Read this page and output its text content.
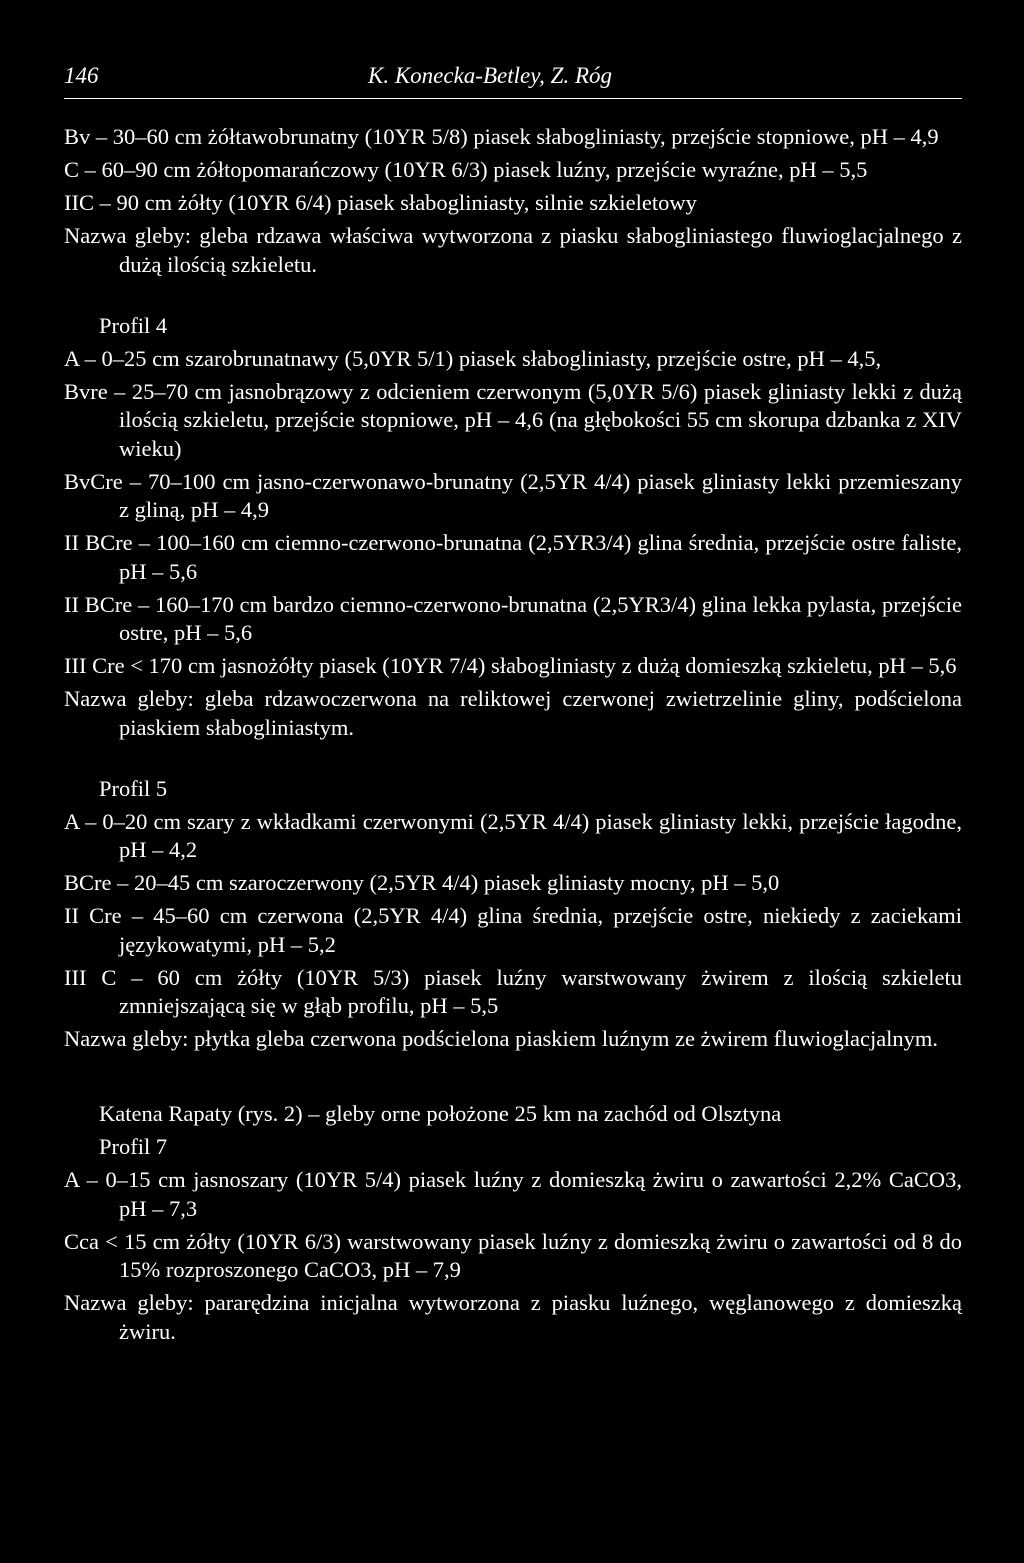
146	K. Konecka-Betley, Z. Róg

Bv – 30–60 cm żółtawobrunatny (10YR 5/8) piasek słabogliniasty, przejście stopniowe, pH – 4,9

C – 60–90 cm żółtopomarańczowy (10YR 6/3) piasek luźny, przejście wyraźne, pH – 5,5

IIC – 90 cm żółty (10YR 6/4) piasek słabogliniasty, silnie szkieletowy

Nazwa gleby: gleba rdzawa właściwa wytworzona z piasku słabogliniastego fluwioglacjalnego z dużą ilością szkieletu.

Profil 4

A – 0–25 cm szarobrunatnawy (5,0YR 5/1) piasek słabogliniasty, przejście ostre, pH – 4,5,

Bvre – 25–70 cm jasnobrązowy z odcieniem czerwonym (5,0YR 5/6) piasek gliniasty lekki z dużą ilością szkieletu, przejście stopniowe, pH – 4,6 (na głębokości 55 cm skorupa dzbanka z XIV wieku)

BvCre – 70–100 cm jasno-czerwonawo-brunatny (2,5YR 4/4) piasek gliniasty lekki przemieszany z gliną, pH – 4,9

II BCre – 100–160 cm ciemno-czerwono-brunatna (2,5YR3/4) glina średnia, przejście ostre faliste, pH – 5,6

II BCre – 160–170 cm bardzo ciemno-czerwono-brunatna (2,5YR3/4) glina lekka pylasta, przejście ostre, pH – 5,6

III Cre < 170 cm jasnożółty piasek (10YR 7/4) słabogliniasty z dużą domieszką szkieletu, pH – 5,6

Nazwa gleby: gleba rdzawoczerwona na reliktowej czerwonej zwietrzelinie gliny, podścielona piaskiem słabogliniastym.

Profil 5

A – 0–20 cm szary z wkładkami czerwonymi (2,5YR 4/4) piasek gliniasty lekki, przejście łagodne, pH – 4,2

BCre – 20–45 cm szaroczerwony (2,5YR 4/4) piasek gliniasty mocny, pH – 5,0

II Cre – 45–60 cm czerwona (2,5YR 4/4) glina średnia, przejście ostre, niekiedy z zaciekami językowatymi, pH – 5,2

III C – 60 cm żółty (10YR 5/3) piasek luźny warstwowany żwirem z ilością szkieletu zmniejszającą się w głąb profilu, pH – 5,5

Nazwa gleby: płytka gleba czerwona podścielona piaskiem luźnym ze żwirem fluwioglacjalnym.

Katena Rapaty (rys. 2) – gleby orne położone 25 km na zachód od Olsztyna

Profil 7

A – 0–15 cm jasnoszary (10YR 5/4) piasek luźny z domieszką żwiru o zawartości 2,2% CaCO3, pH – 7,3

Cca < 15 cm żółty (10YR 6/3) warstwowany piasek luźny z domieszką żwiru o zawartości od 8 do 15% rozproszonego CaCO3, pH – 7,9

Nazwa gleby: pararędzina inicjalna wytworzona z piasku luźnego, węglanowego z domieszką żwiru.
